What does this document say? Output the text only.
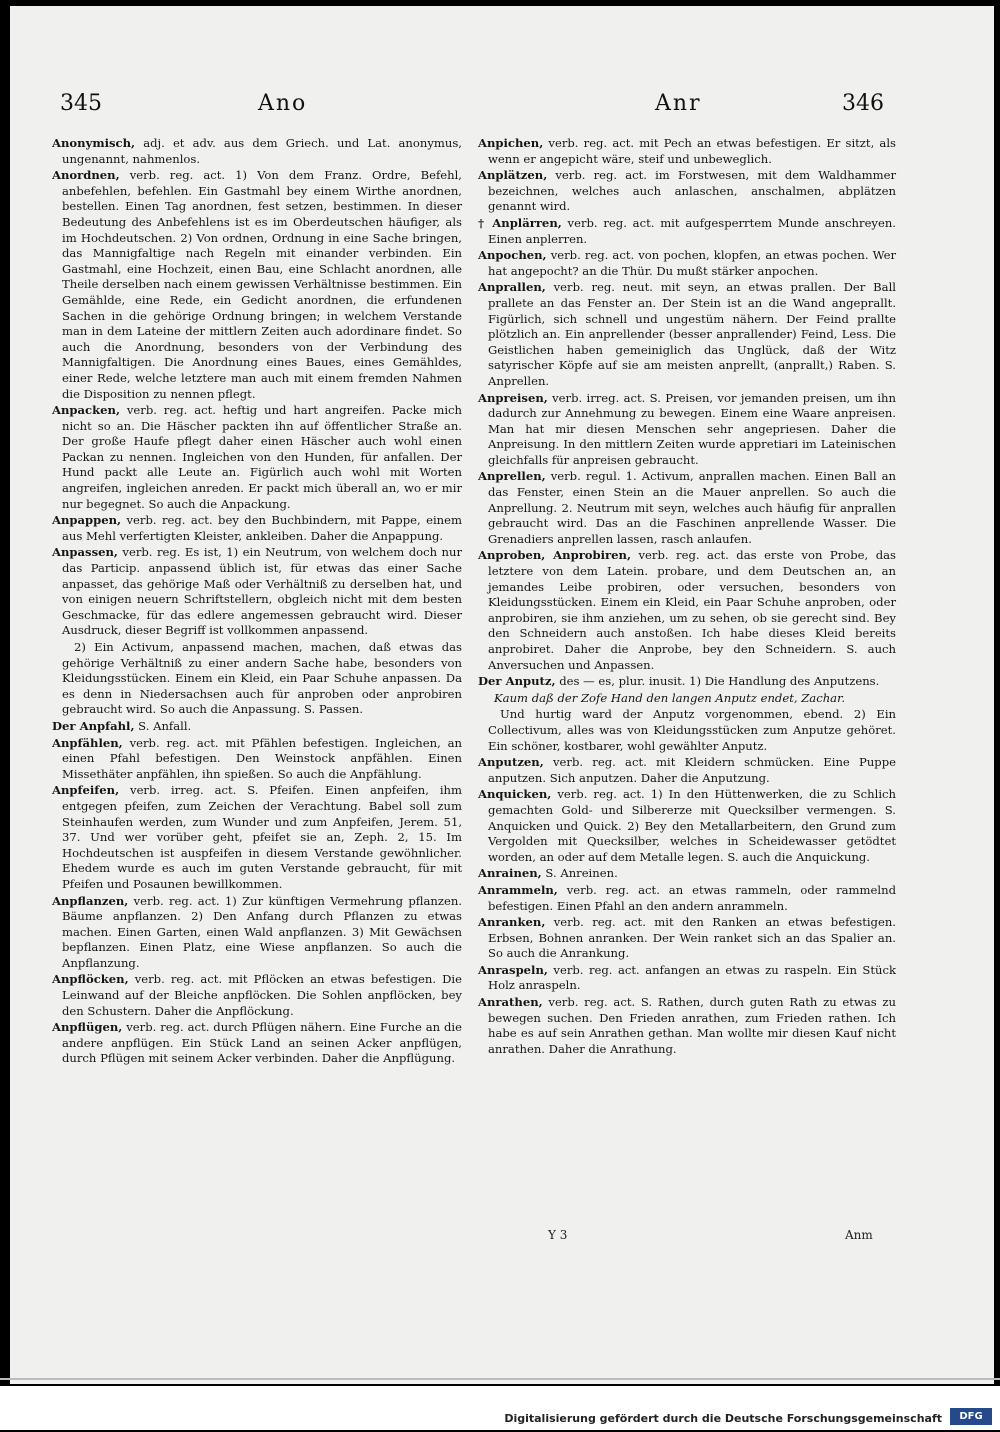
345	Ano	Anr	346
Anonymisch, adj. et adv. aus dem Griech. und Lat. anonymus, ungenannt, nahmenlos.
Anordnen, verb. reg. act. 1) Von dem Franz. Ordre, Befehl, anbefehlen, befehlen. Ein Gastmahl bey einem Wirthe anordnen, bestellen. Einen Tag anordnen, fest setzen, bestimmen. In dieser Bedeutung des Anbefehlens ist es im Oberdeutschen häufiger, als im Hochdeutschen. 2) Von ordnen, Ordnung in eine Sache bringen, das Mannigfaltige nach Regeln mit einander verbinden. Ein Gastmahl, eine Hochzeit, einen Bau, eine Schlacht anordnen, alle Theile derselben nach einem gewissen Verhältnisse bestimmen. Ein Gemählde, eine Rede, ein Gedicht anordnen, die erfundenen Sachen in die gehörige Ordnung bringen; in welchem Verstande man in dem Lateine der mittlern Zeiten auch adordinare findet. So auch die Anordnung, besonders von der Verbindung des Mannigfaltigen. Die Anordnung eines Baues, eines Gemähldes, einer Rede, welche letztere man auch mit einem fremden Nahmen die Disposition zu nennen pflegt.
Anpacken, verb. reg. act. heftig und hart angreifen. Packe mich nicht so an. Die Häscher packten ihn auf öffentlicher Straße an. Der große Haufe pflegt daher einen Häscher auch wohl einen Packan zu nennen. Ingleichen von den Hunden, für anfallen. Der Hund packt alle Leute an. Figürlich auch wohl mit Worten angreifen, ingleichen anreden. Er packt mich überall an, wo er mir nur begegnet. So auch die Anpackung.
Anpappen, verb. reg. act. bey den Buchbindern, mit Pappe, einem aus Mehl verfertigten Kleister, ankleiben. Daher die Anpappung.
Anpassen, verb. reg. Es ist, 1) ein Neutrum, von welchem doch nur das Particip. anpassend üblich ist, für etwas das einer Sache anpasset, das gehörige Maß oder Verhältniß zu derselben hat, und von einigen neuern Schriftstellern, obgleich nicht mit dem besten Geschmacke, für das edlere angemessen gebraucht wird. Dieser Ausdruck, dieser Begriff ist vollkommen anpassend.
2) Ein Activum, anpassend machen, machen, daß etwas das gehörige Verhältniß zu einer andern Sache habe, besonders von Kleidungsstücken. Einem ein Kleid, ein Paar Schuhe anpassen. Da es denn in Niedersachsen auch für anproben oder anprobiren gebraucht wird. So auch die Anpassung. S. Passen.
Der Anpfahl, S. Anfall.
Anpfählen, verb. reg. act. mit Pfählen befestigen. Ingleichen, an einen Pfahl befestigen. Den Weinstock anpfählen. Einen Missethäter anpfählen, ihn spießen. So auch die Anpfählung.
Anpfeifen, verb. irreg. act. S. Pfeifen. Einen anpfeifen, ihm entgegen pfeifen, zum Zeichen der Verachtung. Babel soll zum Steinhaufen werden, zum Wunder und zum Anpfeifen, Jerem. 51, 37. Und wer vorüber geht, pfeifet sie an, Zeph. 2, 15. Im Hochdeutschen ist auspfeifen in diesem Verstande gewöhnlicher. Ehedem wurde es auch im guten Verstande gebraucht, für mit Pfeifen und Posaunen bewillkommen.
Anpflanzen, verb. reg. act. 1) Zur künftigen Vermehrung pflanzen. Bäume anpflanzen. 2) Den Anfang durch Pflanzen zu etwas machen. Einen Garten, einen Wald anpflanzen. 3) Mit Gewächsen bepflanzen. Einen Platz, eine Wiese anpflanzen. So auch die Anpflanzung.
Anpflöcken, verb. reg. act. mit Pflöcken an etwas befestigen. Die Leinwand auf der Bleiche anpflöcken. Die Sohlen anpflöcken, bey den Schustern. Daher die Anpflöckung.
Anpflügen, verb. reg. act. durch Pflügen nähern. Eine Furche an die andere anpflügen. Ein Stück Land an seinen Acker anpflügen, durch Pflügen mit seinem Acker verbinden. Daher die Anpflügung.
Anpichen, verb. reg. act. mit Pech an etwas befestigen. Er sitzt, als wenn er angepicht wäre, steif und unbeweglich.
Anplätzen, verb. reg. act. im Forstwesen, mit dem Waldhammer bezeichnen, welches auch anlaschen, anschalmen, abplätzen genannt wird.
† Anplärren, verb. reg. act. mit aufgesperrtem Munde anschreyen. Einen anplerren.
Anpochen, verb. reg. act. von pochen, klopfen, an etwas pochen. Wer hat angepocht? an die Thür. Du mußt stärker anpochen.
Anprallen, verb. reg. neut. mit seyn, an etwas prallen. Der Ball prallete an das Fenster an. Der Stein ist an die Wand angeprallt. Figürlich, sich schnell und ungestüm nähern. Der Feind prallte plötzlich an. Ein anprellender (besser anprallender) Feind, Less. Die Geistlichen haben gemeiniglich das Unglück, daß der Witz satyrischer Köpfe auf sie am meisten anprellt, (anprallt,) Raben. S. Anprellen.
Anpreisen, verb. irreg. act. S. Preisen, vor jemanden preisen, um ihn dadurch zur Annehmung zu bewegen. Einem eine Waare anpreisen. Man hat mir diesen Menschen sehr angepriesen. Daher die Anpreisung. In den mittlern Zeiten wurde appretiari im Lateinischen gleichfalls für anpreisen gebraucht.
Anprellen, verb. regul. 1. Activum, anprallen machen. Einen Ball an das Fenster, einen Stein an die Mauer anprellen. So auch die Anprellung. 2. Neutrum mit seyn, welches auch häufig für anprallen gebraucht wird. Das an die Faschinen anprellende Wasser. Die Grenadiers anprellen lassen, rasch anlaufen.
Anproben, Anprobiren, verb. reg. act. das erste von Probe, das letztere von dem Latein. probare, und dem Deutschen an, an jemandes Leibe probiren, oder versuchen, besonders von Kleidungsstücken. Einem ein Kleid, ein Paar Schuhe anproben, oder anprobiren, sie ihm anziehen, um zu sehen, ob sie gerecht sind. Bey den Schneidern auch anstoßen. Ich habe dieses Kleid bereits anprobiret. Daher die Anprobe, bey den Schneidern. S. auch Anversuchen und Anpassen.
Der Anputz, des — es, plur. inusit. 1) Die Handlung des Anputzens.
Kaum daß der Zofe Hand den langen Anputz endet, Zachar.
Und hurtig ward der Anputz vorgenommen, ebend. 2) Ein Collectivum, alles was von Kleidungsstücken zum Anputze gehöret. Ein schöner, kostbarer, wohl gewählter Anputz.
Anputzen, verb. reg. act. mit Kleidern schmücken. Eine Puppe anputzen. Sich anputzen. Daher die Anputzung.
Anquicken, verb. reg. act. 1) In den Hüttenwerken, die zu Schlich gemachten Gold- und Silbererze mit Quecksilber vermengen. S. Anquicken und Quick. 2) Bey den Metallarbeitern, den Grund zum Vergolden mit Quecksilber, welches in Scheidewasser getödtet worden, an oder auf dem Metalle legen. S. auch die Anquickung.
Anrainen, S. Anreinen.
Anrammeln, verb. reg. act. an etwas rammeln, oder rammelnd befestigen. Einen Pfahl an den andern anrammeln.
Anranken, verb. reg. act. mit den Ranken an etwas befestigen. Erbsen, Bohnen anranken. Der Wein ranket sich an das Spalier an. So auch die Anrankung.
Anraspeln, verb. reg. act. anfangen an etwas zu raspeln. Ein Stück Holz anraspeln.
Anrathen, verb. reg. act. S. Rathen, durch guten Rath zu etwas zu bewegen suchen. Den Frieden anrathen, zum Frieden rathen. Ich habe es auf sein Anrathen gethan. Man wollte mir diesen Kauf nicht anrathen. Daher die Anrathung.
Y 3	Anm
Digitalisierung gefördert durch die Deutsche Forschungsgemeinschaft	DFG
